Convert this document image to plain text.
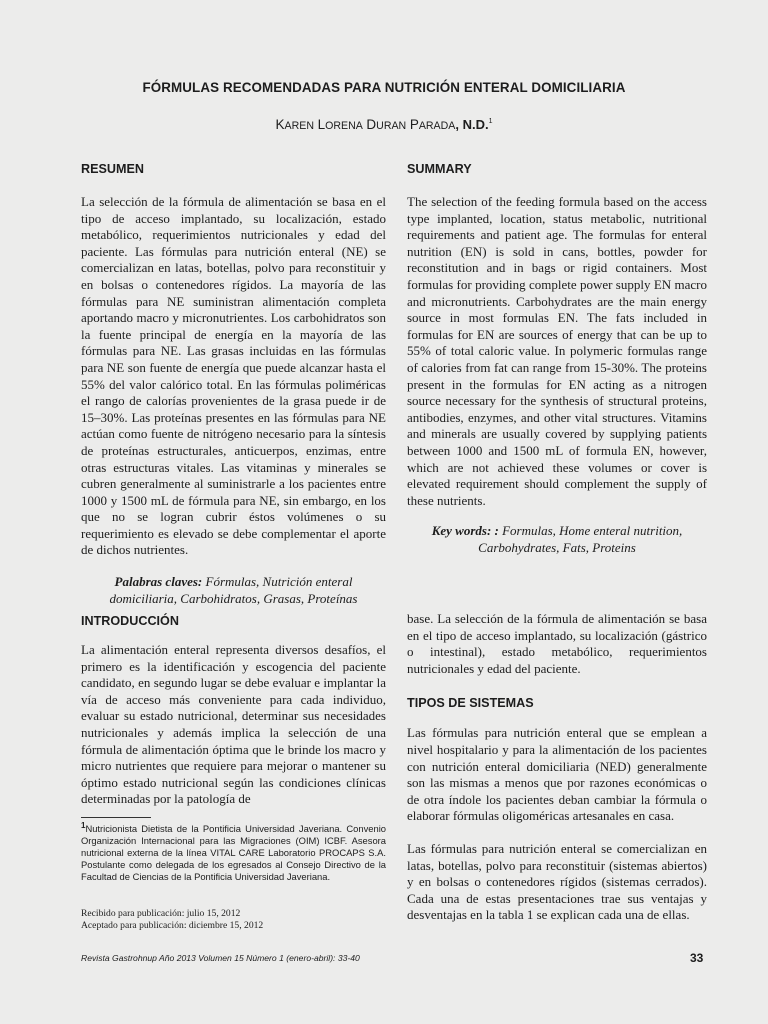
FÓRMULAS RECOMENDADAS PARA NUTRICIÓN ENTERAL DOMICILIARIA
KAREN LORENA DURAN PARADA, N.D.$^1$
RESUMEN

La selección de la fórmula de alimentación se basa en el tipo de acceso implantado, su localización, estado metabólico, requerimientos nutricionales y edad del paciente. Las fórmulas para nutrición enteral (NE) se comercializan en latas, botellas, polvo para reconstituir y en bolsas o contenedores rígidos. La mayoría de las fórmulas para NE suministran alimentación completa aportando macro y micronutrientes. Los carbohidratos son la fuente principal de energía en la mayoría de las fórmulas para NE. Las grasas incluidas en las fórmulas para NE son fuente de energía que puede alcanzar hasta el 55% del valor calórico total. En las fórmulas poliméricas el rango de calorías provenientes de la grasa puede ir de 15–30%. Las proteínas presentes en las fórmulas para NE actúan como fuente de nitrógeno necesario para la síntesis de proteínas estructurales, anticuerpos, enzimas, entre otras estructuras vitales. Las vitaminas y minerales se cubren generalmente al suministrarle a los pacientes entre 1000 y 1500 mL de fórmula para NE, sin embargo, en los que no se logran cubrir éstos volúmenes o su requerimiento es elevado se debe complementar el aporte de dichos nutrientes.

Palabras claves: Fórmulas, Nutrición enteral

domiciliaria, Carbohidratos, Grasas, Proteínas

SUMMARY

The selection of the feeding formula based on the access type implanted, location, status metabolic, nutritional requirements and patient age. The formulas for enteral nutrition (EN) is sold in cans, bottles, powder for reconstitution and in bags or rigid containers. Most formulas for providing complete power supply EN macro and micronutrients. Carbohydrates are the main energy source in most formulas EN. The fats included in formulas for EN are sources of energy that can be up to 55% of total caloric value. In polymeric formulas range of calories from fat can range from 15-30%. The proteins present in the formulas for EN acting as a nitrogen source necessary for the synthesis of structural proteins, antibodies, enzymes, and other vital structures. Vitamins and minerals are usually covered by supplying patients between 1000 and 1500 mL of formula EN, however, which are not achieved these volumes or cover is elevated requirement should complement the supply of these nutrients.

Key words: : Formulas, Home enteral nutrition,

Carbohydrates, Fats, Proteins

INTRODUCCIÓN

La alimentación enteral representa diversos desafíos, el primero es la identificación y escogencia del paciente candidato, en segundo lugar se debe evaluar e implantar la vía de acceso más conveniente para cada individuo, evaluar su estado nutricional, determinar sus necesidades nutricionales y además implica la selección de una fórmula de alimentación óptima que le brinde los macro y micro nutrientes que requiere para mejorar o mantener su óptimo estado nutricional según las condiciones clínicas determinadas por la patología de

base. La selección de la fórmula de alimentación se basa en el tipo de acceso implantado, su localización (gástrico o intestinal), estado metabólico, requerimientos nutricionales y edad del paciente.

TIPOS DE SISTEMAS

Las fórmulas para nutrición enteral que se emplean a nivel hospitalario y para la alimentación de los pacientes con nutrición enteral domiciliaria (NED) generalmente son las mismas a menos que por razones económicas o de otra índole los pacientes deban cambiar la fórmula o elaborar fórmulas oligoméricas artesanales en casa.

Las fórmulas para nutrición enteral se comercializan en latas, botellas, polvo para reconstituir (sistemas abiertos) y en bolsas o contenedores rígidos (sistemas cerrados). Cada una de estas presentaciones trae sus ventajas y desventajas en la tabla 1 se explican cada una de ellas.

$^1$Nutricionista Dietista de la Pontificia Universidad Javeriana. Convenio Organización Internacional para las Migraciones (OIM) ICBF. Asesora nutricional externa de la línea VITAL CARE Laboratorio PROCAPS S.A. Postulante como delegada de los egresados al Consejo Directivo de la Facultad de Ciencias de la Pontificia Universidad Javeriana.
Recibido para publicación: julio 15, 2012
Aceptado para publicación: diciembre 15, 2012
Revista Gastrohnup Año 2013 Volumen 15 Número 1 (enero-abril): 33-40	33
